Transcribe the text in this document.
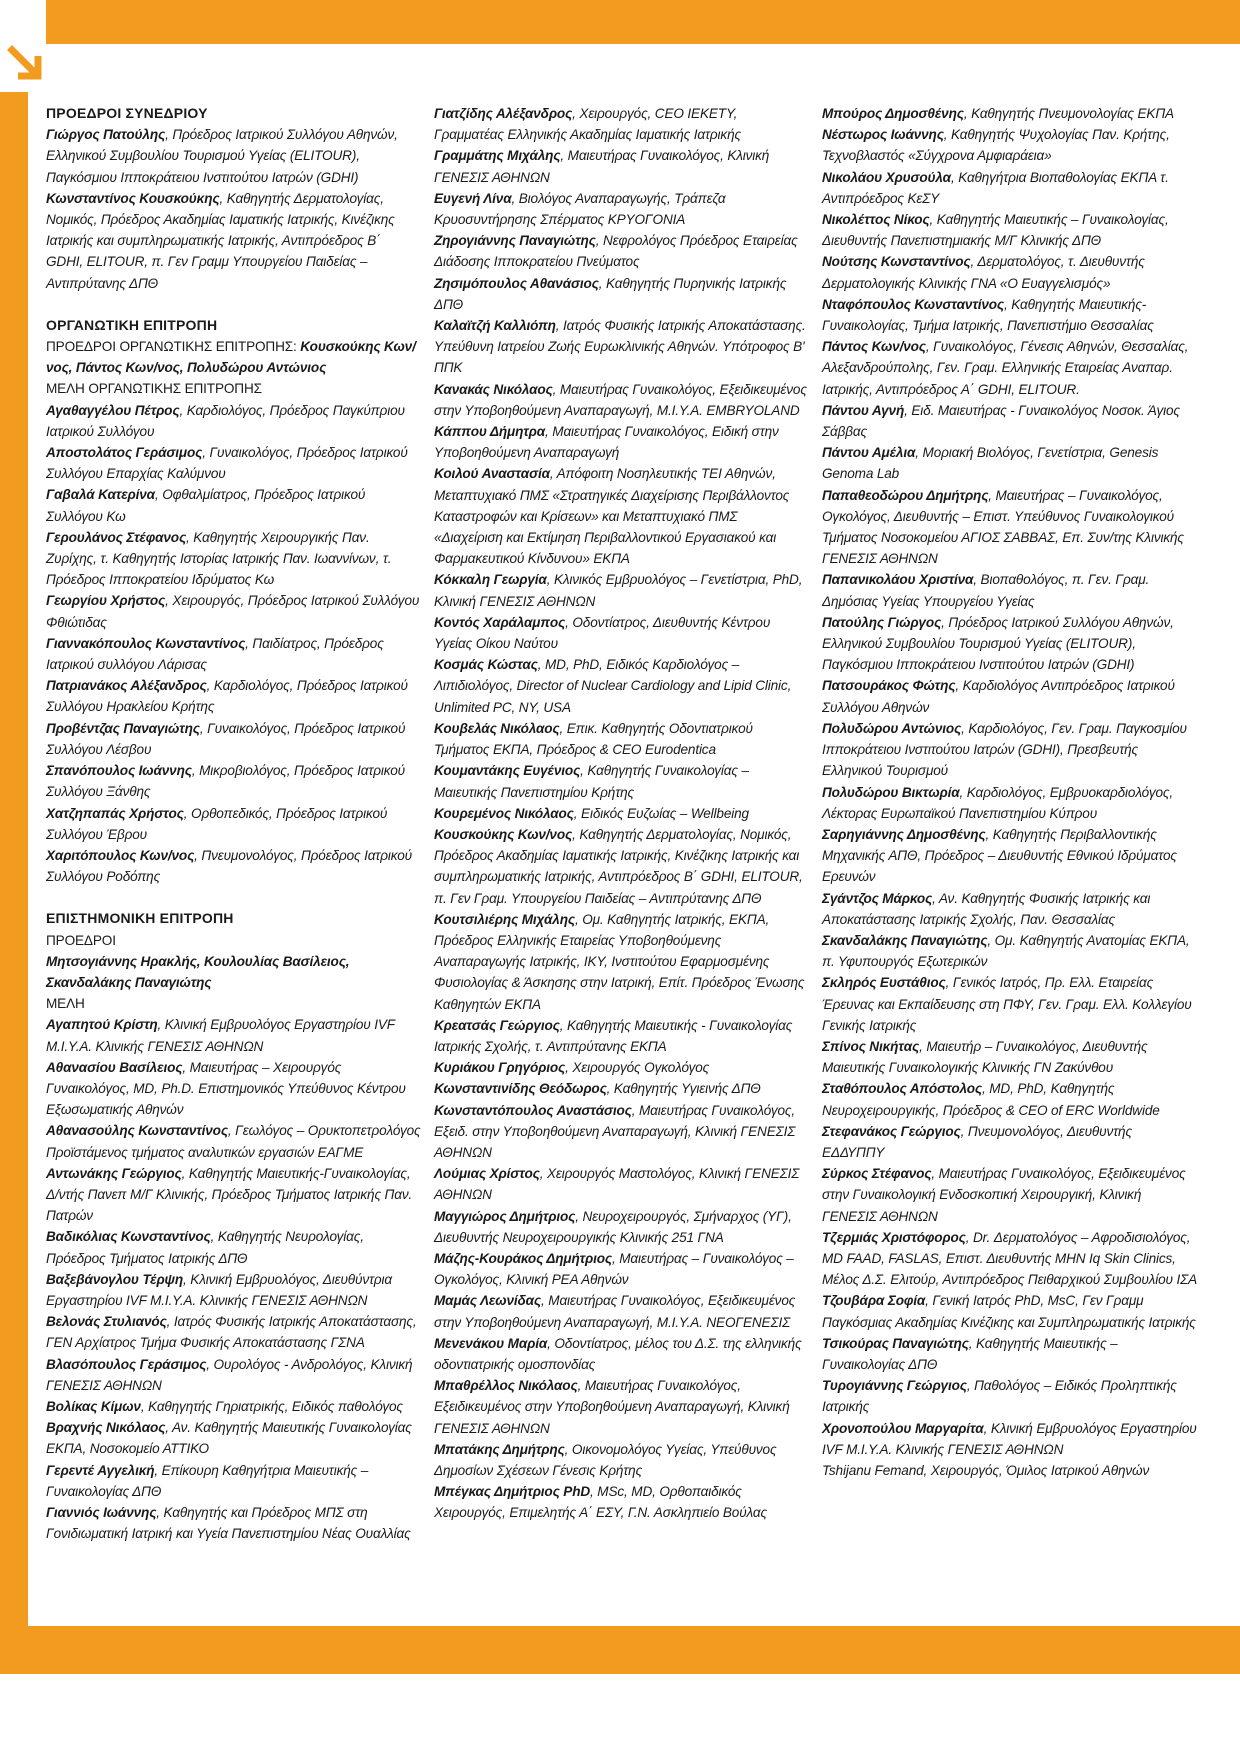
ΠΡΟΕΔΡΟΙ ΣΥΝΕΔΡΙΟΥ
Γιώργος Πατούλης, Πρόεδρος Ιατρικού Συλλόγου Αθηνών, Ελληνικού Συμβουλίου Τουρισμού Υγείας (ELITOUR), Παγκόσμιου Ιπποκράτειου Ινστιτούτου Ιατρών (GDHI)
Κωνσταντίνος Κουσκούκης, Καθηγητής Δερματολογίας, Νομικός, Πρόεδρος Ακαδημίας Ιαματικής Ιατρικής, Κινέζικης Ιατρικής και συμπληρωματικής Ιατρικής, Αντιπρόεδρος Β΄ GDHI, ELITOUR, π. Γεν Γραμμ Υπουργείου Παιδείας – Αντιπρύτανης ΔΠΘ
ΟΡΓΑΝΩΤΙΚΗ ΕΠΙΤΡΟΠΗ
ΠΡΟΕΔΡΟΙ ΟΡΓΑΝΩΤΙΚΗΣ ΕΠΙΤΡΟΠΗΣ: Κουσκούκης Κων/νος, Πάντος Κων/νος, Πολυδώρου Αντώνιος
ΜΕΛΗ ΟΡΓΑΝΩΤΙΚΗΣ ΕΠΙΤΡΟΠΗΣ
Αγαθαγγέλου Πέτρος, Καρδιολόγος, Πρόεδρος Παγκύπριου Ιατρικού Συλλόγου
Αποστολάτος Γεράσιμος, Γυναικολόγος, Πρόεδρος Ιατρικού Συλλόγου Επαρχίας Καλύμνου
Γαβαλά Κατερίνα, Οφθαλμίατρος, Πρόεδρος Ιατρικού Συλλόγου Κω
Γερουλάνος Στέφανος, Καθηγητής Χειρουργικής Παν. Ζυρίχης, τ. Καθηγητής Ιστορίας Ιατρικής Παν. Ιωαννίνων, τ. Πρόεδρος Ιπποκρατείου Ιδρύματος Κω
Γεωργίου Χρήστος, Χειρουργός, Πρόεδρος Ιατρικού Συλλόγου Φθιώτιδας
Γιαννακόπουλος Κωνσταντίνος, Παιδίατρος, Πρόεδρος Ιατρικού συλλόγου Λάρισας
Πατριανάκος Αλέξανδρος, Καρδιολόγος, Πρόεδρος Ιατρικού Συλλόγου Ηρακλείου Κρήτης
Προβέντζας Παναγιώτης, Γυναικολόγος, Πρόεδρος Ιατρικού Συλλόγου Λέσβου
Σπανόπουλος Ιωάννης, Μικροβιολόγος, Πρόεδρος Ιατρικού Συλλόγου Ξάνθης
Χατζηπαπάς Χρήστος, Ορθοπεδικός, Πρόεδρος Ιατρικού Συλλόγου Έβρου
Χαριτόπουλος Κων/νος, Πνευμονολόγος, Πρόεδρος Ιατρικού Συλλόγου Ροδόπης
ΕΠΙΣΤΗΜΟΝΙΚΗ ΕΠΙΤΡΟΠΗ
ΠΡΟΕΔΡΟΙ
Μητσογιάννης Ηρακλής, Κουλουλίας Βασίλειος, Σκανδαλάκης Παναγιώτης
ΜΕΛΗ
Αγαπητού Κρίστη, Κλινική Εμβρυολόγος Εργαστηρίου IVF Μ.Ι.Υ.Α. Κλινικής ΓΕΝΕΣΙΣ ΑΘΗΝΩΝ
Αθανασίου Βασίλειος, Μαιευτήρας – Χειρουργός Γυναικολόγος, MD, Ph.D. Επιστημονικός Υπεύθυνος Κέντρου Εξωσωματικής Αθηνών
Αθανασούλης Κωνσταντίνος, Γεωλόγος – Ορυκτοπετρολόγος Προϊστάμενος τμήματος αναλυτικών εργασιών ΕΑΓΜΕ
Αντωνάκης Γεώργιος, Καθηγητής Μαιευτικής-Γυναικολογίας, Δ/ντής Πανεπ Μ/Γ Κλινικής, Πρόεδρος Τμήματος Ιατρικής Παν. Πατρών
Βαδικόλιας Κωνσταντίνος, Καθηγητής Νευρολογίας, Πρόεδρος Τμήματος Ιατρικής ΔΠΘ
Βαξεβάνογλου Τέρψη, Κλινική Εμβρυολόγος, Διευθύντρια Εργαστηρίου IVF Μ.Ι.Υ.Α. Κλινικής ΓΕΝΕΣΙΣ ΑΘΗΝΩΝ
Βελονάς Στυλιανός, Ιατρός Φυσικής Ιατρικής Αποκατάστασης, ΓΕΝ Αρχίατρος Τμήμα Φυσικής Αποκατάστασης ΓΣΝΑ
Βλασόπουλος Γεράσιμος, Ουρολόγος - Ανδρολόγος, Κλινική ΓΕΝΕΣΙΣ ΑΘΗΝΩΝ
Βολίκας Κίμων, Καθηγητής Γηριατρικής, Ειδικός παθολόγος
Βραχνής Νικόλαος, Αν. Καθηγητής Μαιευτικής Γυναικολογίας ΕΚΠΑ, Νοσοκομείο ΑΤΤΙΚΟ
Γερεντέ Αγγελική, Επίκουρη Καθηγήτρια Μαιευτικής – Γυναικολογίας ΔΠΘ
Γιαννιός Ιωάννης, Καθηγητής και Πρόεδρος ΜΠΣ στη Γονιδιωματική Ιατρική και Υγεία Πανεπιστημίου Νέας Ουαλλίας
Γιατζίδης Αλέξανδρος, Χειρουργός, CEO ΙΕΚΕΤΥ, Γραμματέας Ελληνικής Ακαδημίας Ιαματικής Ιατρικής
Γραμμάτης Μιχάλης, Μαιευτήρας Γυναικολόγος, Κλινική ΓΕΝΕΣΙΣ ΑΘΗΝΩΝ
Ευγενή Λίνα, Βιολόγος Αναπαραγωγής, Τράπεζα Κρυοσυντήρησης Σπέρματος ΚΡΥΟΓΟΝΙΑ
Ζηρογιάννης Παναγιώτης, Νεφρολόγος Πρόεδρος Εταιρείας Διάδοσης Ιπποκρατείου Πνεύματος
Ζησιμόπουλος Αθανάσιος, Καθηγητής Πυρηνικής Ιατρικής ΔΠΘ
Καλαϊτζή Καλλιόπη, Ιατρός Φυσικής Ιατρικής Αποκατάστασης. Υπεύθυνη Ιατρείου Ζωής Ευρωκλινικής Αθηνών. Υπότροφος Β' ΠΠΚ
Κανακάς Νικόλαος, Μαιευτήρας Γυναικολόγος, Εξειδικευμένος στην Υποβοηθούμενη Αναπαραγωγή, Μ.Ι.Υ.Α. EMBRYOLAND
Κάππου Δήμητρα, Μαιευτήρας Γυναικολόγος, Ειδική στην Υποβοηθούμενη Αναπαραγωγή
Κοιλού Αναστασία, Απόφοιτη Νοσηλευτικής ΤΕΙ Αθηνών, Μεταπτυχιακό ΠΜΣ «Στρατηγικές Διαχείρισης Περιβάλλοντος Καταστροφών και Κρίσεων» και Μεταπτυχιακό ΠΜΣ «Διαχείριση και Εκτίμηση Περιβαλλοντικού Εργασιακού και Φαρμακευτικού Κίνδυνου» ΕΚΠΑ
Κόκκαλη Γεωργία, Κλινικός Εμβρυολόγος – Γενετίστρια, PhD, Κλινική ΓΕΝΕΣΙΣ ΑΘΗΝΩΝ
Κοντός Χαράλαμπος, Οδοντίατρος, Διευθυντής Κέντρου Υγείας Οίκου Ναύτου
Κοσμάς Κώστας, MD, PhD, Ειδικός Καρδιολόγος – Λιπιδιολόγος, Director of Nuclear Cardiology and Lipid Clinic, Unlimited PC, NY, USA
Κουβελάς Νικόλαος, Επικ. Καθηγητής Οδοντιατρικού Τμήματος ΕΚΠΑ, Πρόεδρος & CEO Eurodentica
Κουμαντάκης Ευγένιος, Καθηγητής Γυναικολογίας – Μαιευτικής Πανεπιστημίου Κρήτης
Κουρεμένος Νικόλαος, Ειδικός Ευζωίας – Wellbeing
Κουσκούκης Κων/νος, Καθηγητής Δερματολογίας, Νομικός, Πρόεδρος Ακαδημίας Ιαματικής Ιατρικής, Κινέζικης Ιατρικής και συμπληρωματικής Ιατρικής, Αντιπρόεδρος Β΄ GDHI, ELITOUR, π. Γεν Γραμ. Υπουργείου Παιδείας – Αντιπρύτανης ΔΠΘ
Κουτσιλιέρης Μιχάλης, Ομ. Καθηγητής Ιατρικής, ΕΚΠΑ, Πρόεδρος Ελληνικής Εταιρείας Υποβοηθούμενης Αναπαραγωγής Ιατρικής, ΙΚΥ, Ινστιτούτου Εφαρμοσμένης Φυσιολογίας & Άσκησης στην Ιατρική, Επίτ. Πρόεδρος Ένωσης Καθηγητών ΕΚΠΑ
Κρεατσάς Γεώργιος, Καθηγητής Μαιευτικής - Γυναικολογίας Ιατρικής Σχολής, τ. Αντιπρύτανης ΕΚΠΑ
Κυριάκου Γρηγόριος, Χειρουργός Ογκολόγος
Κωνσταντινίδης Θεόδωρος, Καθηγητής Υγιεινής ΔΠΘ
Κωνσταντόπουλος Αναστάσιος, Μαιευτήρας Γυναικολόγος, Εξειδ. στην Υποβοηθούμενη Αναπαραγωγή, Κλινική ΓΕΝΕΣΙΣ ΑΘΗΝΩΝ
Λούμιας Χρίστος, Χειρουργός Μαστολόγος, Κλινική ΓΕΝΕΣΙΣ ΑΘΗΝΩΝ
Μαγγιώρος Δημήτριος, Νευροχειρουργός, Σμήναρχος (ΥΓ), Διευθυντής Νευροχειρουργικής Κλινικής 251 ΓΝΑ
Μάζης-Κουράκος Δημήτριος, Μαιευτήρας – Γυναικολόγος – Ογκολόγος, Κλινική ΡΕΑ Αθηνών
Μαμάς Λεωνίδας, Μαιευτήρας Γυναικολόγος, Εξειδικευμένος στην Υποβοηθούμενη Αναπαραγωγή, Μ.Ι.Υ.Α. ΝΕΟΓΕΝΕΣΙΣ
Μενενάκου Μαρία, Οδοντίατρος, μέλος του Δ.Σ. της ελληνικής οδοντιατρικής ομοσπονδίας
Μπαθρέλλος Νικόλαος, Μαιευτήρας Γυναικολόγος, Εξειδικευμένος στην Υποβοηθούμενη Αναπαραγωγή, Κλινική ΓΕΝΕΣΙΣ ΑΘΗΝΩΝ
Μπατάκης Δημήτρης, Οικονομολόγος Υγείας, Υπεύθυνος Δημοσίων Σχέσεων Γένεσις Κρήτης
Μπέγκας Δημήτριος PhD, MSc, MD, Ορθοπαιδικός Χειρουργός, Επιμελητής Α΄ ΕΣΥ, Γ.Ν. Ασκληπιείο Βούλας
Μπούρος Δημοσθένης, Καθηγητής Πνευμονολογίας ΕΚΠΑ
Νέστωρος Ιωάννης, Καθηγητής Ψυχολογίας Παν. Κρήτης, Τεχνοβλαστός «Σύγχρονα Αμφιαράεια»
Νικολάου Χρυσούλα, Καθηγήτρια Βιοπαθολογίας ΕΚΠΑ τ. Αντιπρόεδρος ΚεΣΥ
Νικολέττος Νίκος, Καθηγητής Μαιευτικής – Γυναικολογίας, Διευθυντής Πανεπιστημιακής Μ/Γ Κλινικής ΔΠΘ
Νούτσης Κωνσταντίνος, Δερματολόγος, τ. Διευθυντής Δερματολογικής Κλινικής ΓΝΑ «Ο Ευαγγελισμός»
Νταφόπουλος Κωνσταντίνος, Καθηγητής Μαιευτικής-Γυναικολογίας, Τμήμα Ιατρικής, Πανεπιστήμιο Θεσσαλίας
Πάντος Κων/νος, Γυναικολόγος, Γένεσις Αθηνών, Θεσσαλίας, Αλεξανδρούπολης, Γεν. Γραμ. Ελληνικής Εταιρείας Αναπαρ. Ιατρικής, Αντιπρόεδρος Α΄ GDHI, ELITOUR.
Πάντου Αγνή, Ειδ. Μαιευτήρας - Γυναικολόγος Νοσοκ. Άγιος Σάββας
Πάντου Αμέλια, Μοριακή Βιολόγος, Γενετίστρια, Genesis Genoma Lab
Παπαθεοδώρου Δημήτρης, Μαιευτήρας – Γυναικολόγος, Ογκολόγος, Διευθυντής – Επιστ. Υπεύθυνος Γυναικολογικού Τμήματος Νοσοκομείου ΑΓΙΟΣ ΣΑΒΒΑΣ, Επ. Συν/της Κλινικής ΓΕΝΕΣΙΣ ΑΘΗΝΩΝ
Παπανικολάου Χριστίνα, Βιοπαθολόγος, π. Γεν. Γραμ. Δημόσιας Υγείας Υπουργείου Υγείας
Πατούλης Γιώργος, Πρόεδρος Ιατρικού Συλλόγου Αθηνών, Ελληνικού Συμβουλίου Τουρισμού Υγείας (ELITOUR), Παγκόσμιου Ιπποκράτειου Ινστιτούτου Ιατρών (GDHI)
Πατσουράκος Φώτης, Καρδιολόγος Αντιπρόεδρος Ιατρικού Συλλόγου Αθηνών
Πολυδώρου Αντώνιος, Καρδιολόγος, Γεν. Γραμ. Παγκοσμίου Ιπποκράτειου Ινστιτούτου Ιατρών (GDHI), Πρεσβευτής Ελληνικού Τουρισμού
Πολυδώρου Βικτωρία, Καρδιολόγος, Εμβρυοκαρδιολόγος, Λέκτορας Ευρωπαϊκού Πανεπιστημίου Κύπρου
Σαρηγιάννης Δημοσθένης, Καθηγητής Περιβαλλοντικής Μηχανικής ΑΠΘ, Πρόεδρος – Διευθυντής Εθνικού Ιδρύματος Ερευνών
Σγάντζος Μάρκος, Αν. Καθηγητής Φυσικής Ιατρικής και Αποκατάστασης Ιατρικής Σχολής, Παν. Θεσσαλίας
Σκανδαλάκης Παναγιώτης, Ομ. Καθηγητής Ανατομίας ΕΚΠΑ, π. Υφυπουργός Εξωτερικών
Σκληρός Ευστάθιος, Γενικός Ιατρός, Πρ. Ελλ. Εταιρείας Έρευνας και Εκπαίδευσης στη ΠΦΥ, Γεν. Γραμ. Ελλ. Κολλεγίου Γενικής Ιατρικής
Σπίνος Νικήτας, Μαιευτήρ – Γυναικολόγος, Διευθυντής Μαιευτικής Γυναικολογικής Κλινικής ΓΝ Ζακύνθου
Σταθόπουλος Απόστολος, MD, PhD, Καθηγητής Νευροχειρουργικής, Πρόεδρος & CEO of ERC Worldwide
Στεφανάκος Γεώργιος, Πνευμονολόγος, Διευθυντής ΕΔΔΥΠΠΥ
Σύρκος Στέφανος, Μαιευτήρας Γυναικολόγος, Εξειδικευμένος στην Γυναικολογική Ενδοσκοπική Χειρουργική, Κλινική ΓΕΝΕΣΙΣ ΑΘΗΝΩΝ
Τζερμιάς Χριστόφορος, Dr. Δερματολόγος – Αφροδισιολόγος, MD FAAD, FASLAS, Επιστ. Διευθυντής MHN Iq Skin Clinics, Μέλος Δ.Σ. Ελιτούρ, Αντιπρόεδρος Πειθαρχικού Συμβουλίου ΙΣΑ
Τζουβάρα Σοφία, Γενική Ιατρός PhD, MsC, Γεν Γραμμ Παγκόσμιας Ακαδημίας Κινέζικης και Συμπληρωματικής Ιατρικής
Τσικούρας Παναγιώτης, Καθηγητής Μαιευτικής – Γυναικολογίας ΔΠΘ
Τυρογιάννης Γεώργιος, Παθολόγος – Ειδικός Προληπτικής Ιατρικής
Χρονοπούλου Μαργαρίτα, Κλινική Εμβρυολόγος Εργαστηρίου IVF Μ.Ι.Υ.Α. Κλινικής ΓΕΝΕΣΙΣ ΑΘΗΝΩΝ
Tshijanu Femand, Χειρουργός, Όμιλος Ιατρικού Αθηνών
